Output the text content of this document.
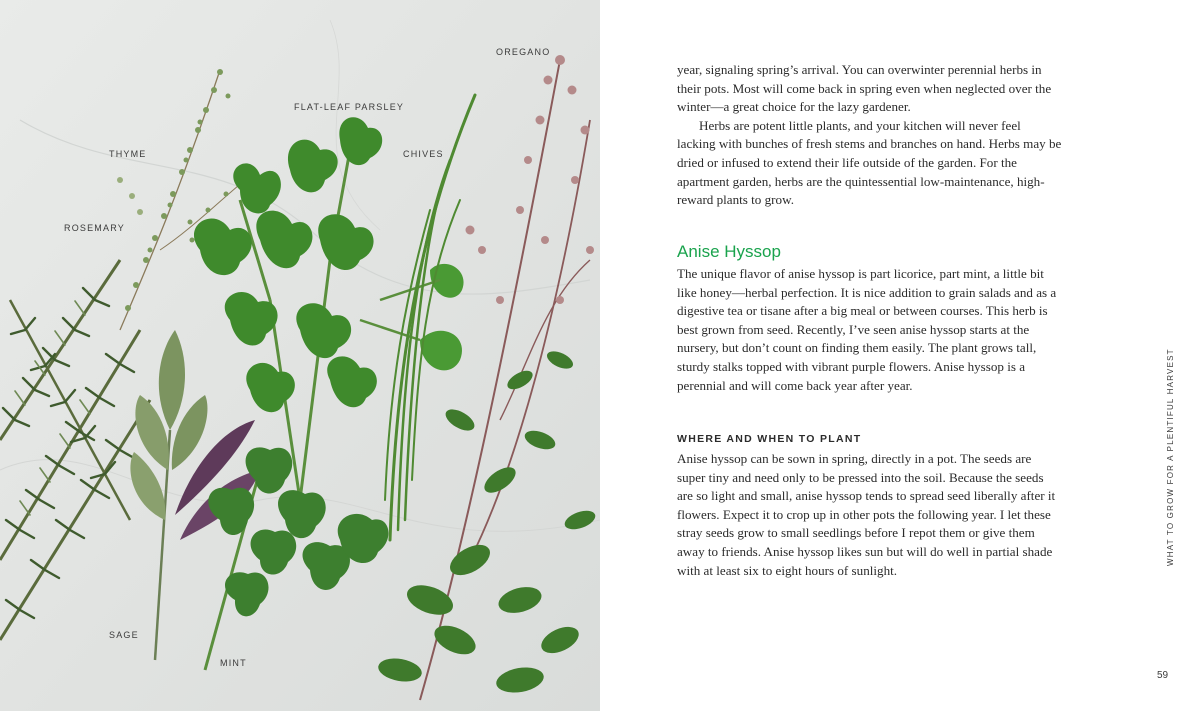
OREGANO
FLAT-LEAF PARSLEY
THYME	CHIVES
ROSEMARY
SAGE
MINT

year, signaling spring’s arrival. You can overwinter perennial herbs in their pots. Most will come back in spring even when neglected over the winter—a great choice for the lazy gardener.
Herbs are potent little plants, and your kitchen will never feel lacking with bunches of fresh stems and branches on hand. Herbs may be dried or infused to extend their life outside of the garden. For the apartment garden, herbs are the quintessential low-maintenance, high-reward plants to grow.

Anise Hyssop

The unique flavor of anise hyssop is part licorice, part mint, a little bit like honey—herbal perfection. It is nice addition to grain salads and as a digestive tea or tisane after a big meal or between courses. This herb is best grown from seed. Recently, I’ve seen anise hyssop starts at the nursery, but don’t count on finding them easily. The plant grows tall, sturdy stalks topped with vibrant purple flowers. Anise hyssop is a perennial and will come back year after year.

WHERE AND WHEN TO PLANT

Anise hyssop can be sown in spring, directly in a pot. The seeds are super tiny and need only to be pressed into the soil. Because the seeds are so light and small, anise hyssop tends to spread seed liberally after it flowers. Expect it to crop up in other pots the following year. I let these stray seeds grow to small seedlings before I repot them or give them away to friends. Anise hyssop likes sun but will do well in partial shade with at least six to eight hours of sunlight.

WHAT TO GROW FOR A PLENTIFUL HARVEST
59
